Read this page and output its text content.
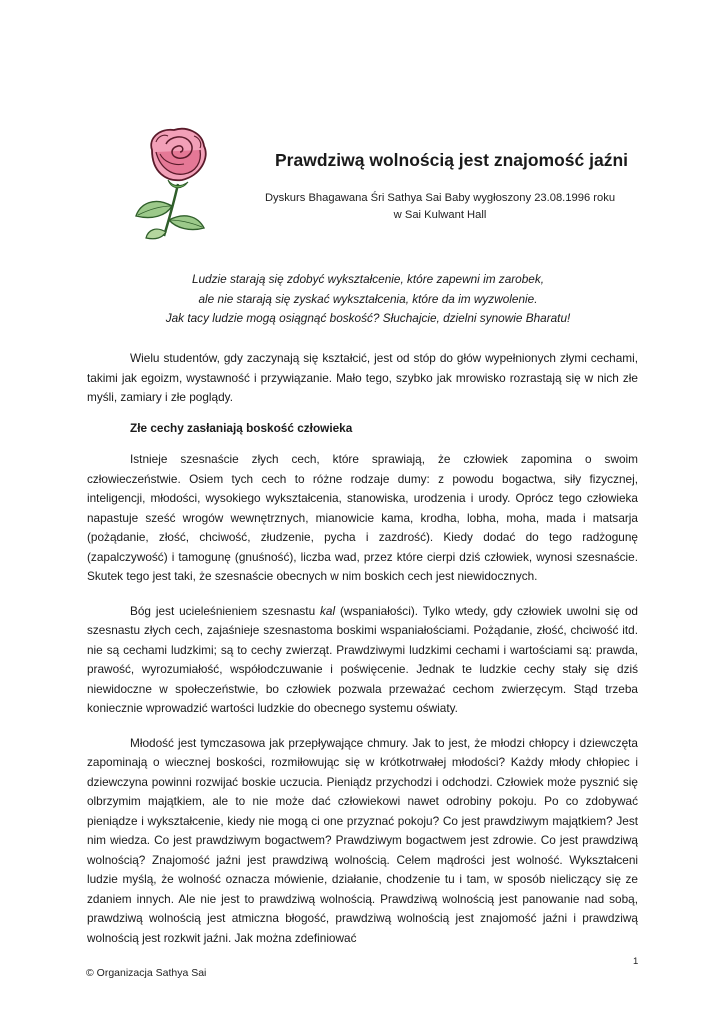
Prawdziwą wolnością jest znajomość jaźni
Dyskurs Bhagawana Śri Sathya Sai Baby wygłoszony 23.08.1996 roku
w Sai Kulwant Hall
Ludzie starają się zdobyć wykształcenie, które zapewni im zarobek,
ale nie starają się zyskać wykształcenia, które da im wyzwolenie.
Jak tacy ludzie mogą osiągnąć boskość? Słuchajcie, dzielni synowie Bharatu!

Wielu studentów, gdy zaczynają się kształcić, jest od stóp do głów wypełnionych złymi cechami, takimi jak egoizm, wystawność i przywiązanie. Mało tego, szybko jak mrowisko rozrastają się w nich złe myśli, zamiary i złe poglądy.

Złe cechy zasłaniają boskość człowieka

Istnieje szesnaście złych cech, które sprawiają, że człowiek zapomina o swoim człowieczeństwie. Osiem tych cech to różne rodzaje dumy: z powodu bogactwa, siły fizycznej, inteligencji, młodości, wysokiego wykształcenia, stanowiska, urodzenia i urody. Oprócz tego człowieka napastuje sześć wrogów wewnętrznych, mianowicie kama, krodha, lobha, moha, mada i matsarja (pożądanie, złość, chciwość, złudzenie, pycha i zazdrość). Kiedy dodać do tego radżogunę (zapalczywość) i tamogunę (gnuśność), liczba wad, przez które cierpi dziś człowiek, wynosi szesnaście. Skutek tego jest taki, że szesnaście obecnych w nim boskich cech jest niewidocznych.

Bóg jest ucieleśnieniem szesnastu kal (wspaniałości). Tylko wtedy, gdy człowiek uwolni się od szesnastu złych cech, zajaśnieje szesnastoma boskimi wspaniałościami. Pożądanie, złość, chciwość itd. nie są cechami ludzkimi; są to cechy zwierząt. Prawdziwymi ludzkimi cechami i wartościami są: prawda, prawość, wyrozumiałość, współodczuwanie i poświęcenie. Jednak te ludzkie cechy stały się dziś niewidoczne w społeczeństwie, bo człowiek pozwala przeważać cechom zwierzęcym. Stąd trzeba koniecznie wprowadzić wartości ludzkie do obecnego systemu oświaty.

Młodość jest tymczasowa jak przepływające chmury. Jak to jest, że młodzi chłopcy i dziewczęta zapominają o wiecznej boskości, rozmiłowując się w krótkotrwałej młodości? Każdy młody chłopiec i dziewczyna powinni rozwijać boskie uczucia. Pieniądz przychodzi i odchodzi. Człowiek może pysznić się olbrzymim majątkiem, ale to nie może dać człowiekowi nawet odrobiny pokoju. Po co zdobywać pieniądze i wykształcenie, kiedy nie mogą ci one przyznać pokoju? Co jest prawdziwym majątkiem? Jest nim wiedza. Co jest prawdziwym bogactwem? Prawdziwym bogactwem jest zdrowie. Co jest prawdziwą wolnością? Znajomość jaźni jest prawdziwą wolnością. Celem mądrości jest wolność. Wykształceni ludzie myślą, że wolność oznacza mówienie, działanie, chodzenie tu i tam, w sposób nieliczący się ze zdaniem innych. Ale nie jest to prawdziwą wolnością. Prawdziwą wolnością jest panowanie nad sobą, prawdziwą wolnością jest atmiczna błogość, prawdziwą wolnością jest znajomość jaźni i prawdziwą wolnością jest rozkwit jaźni. Jak można zdefiniować

1
© Organizacja Sathya Sai
